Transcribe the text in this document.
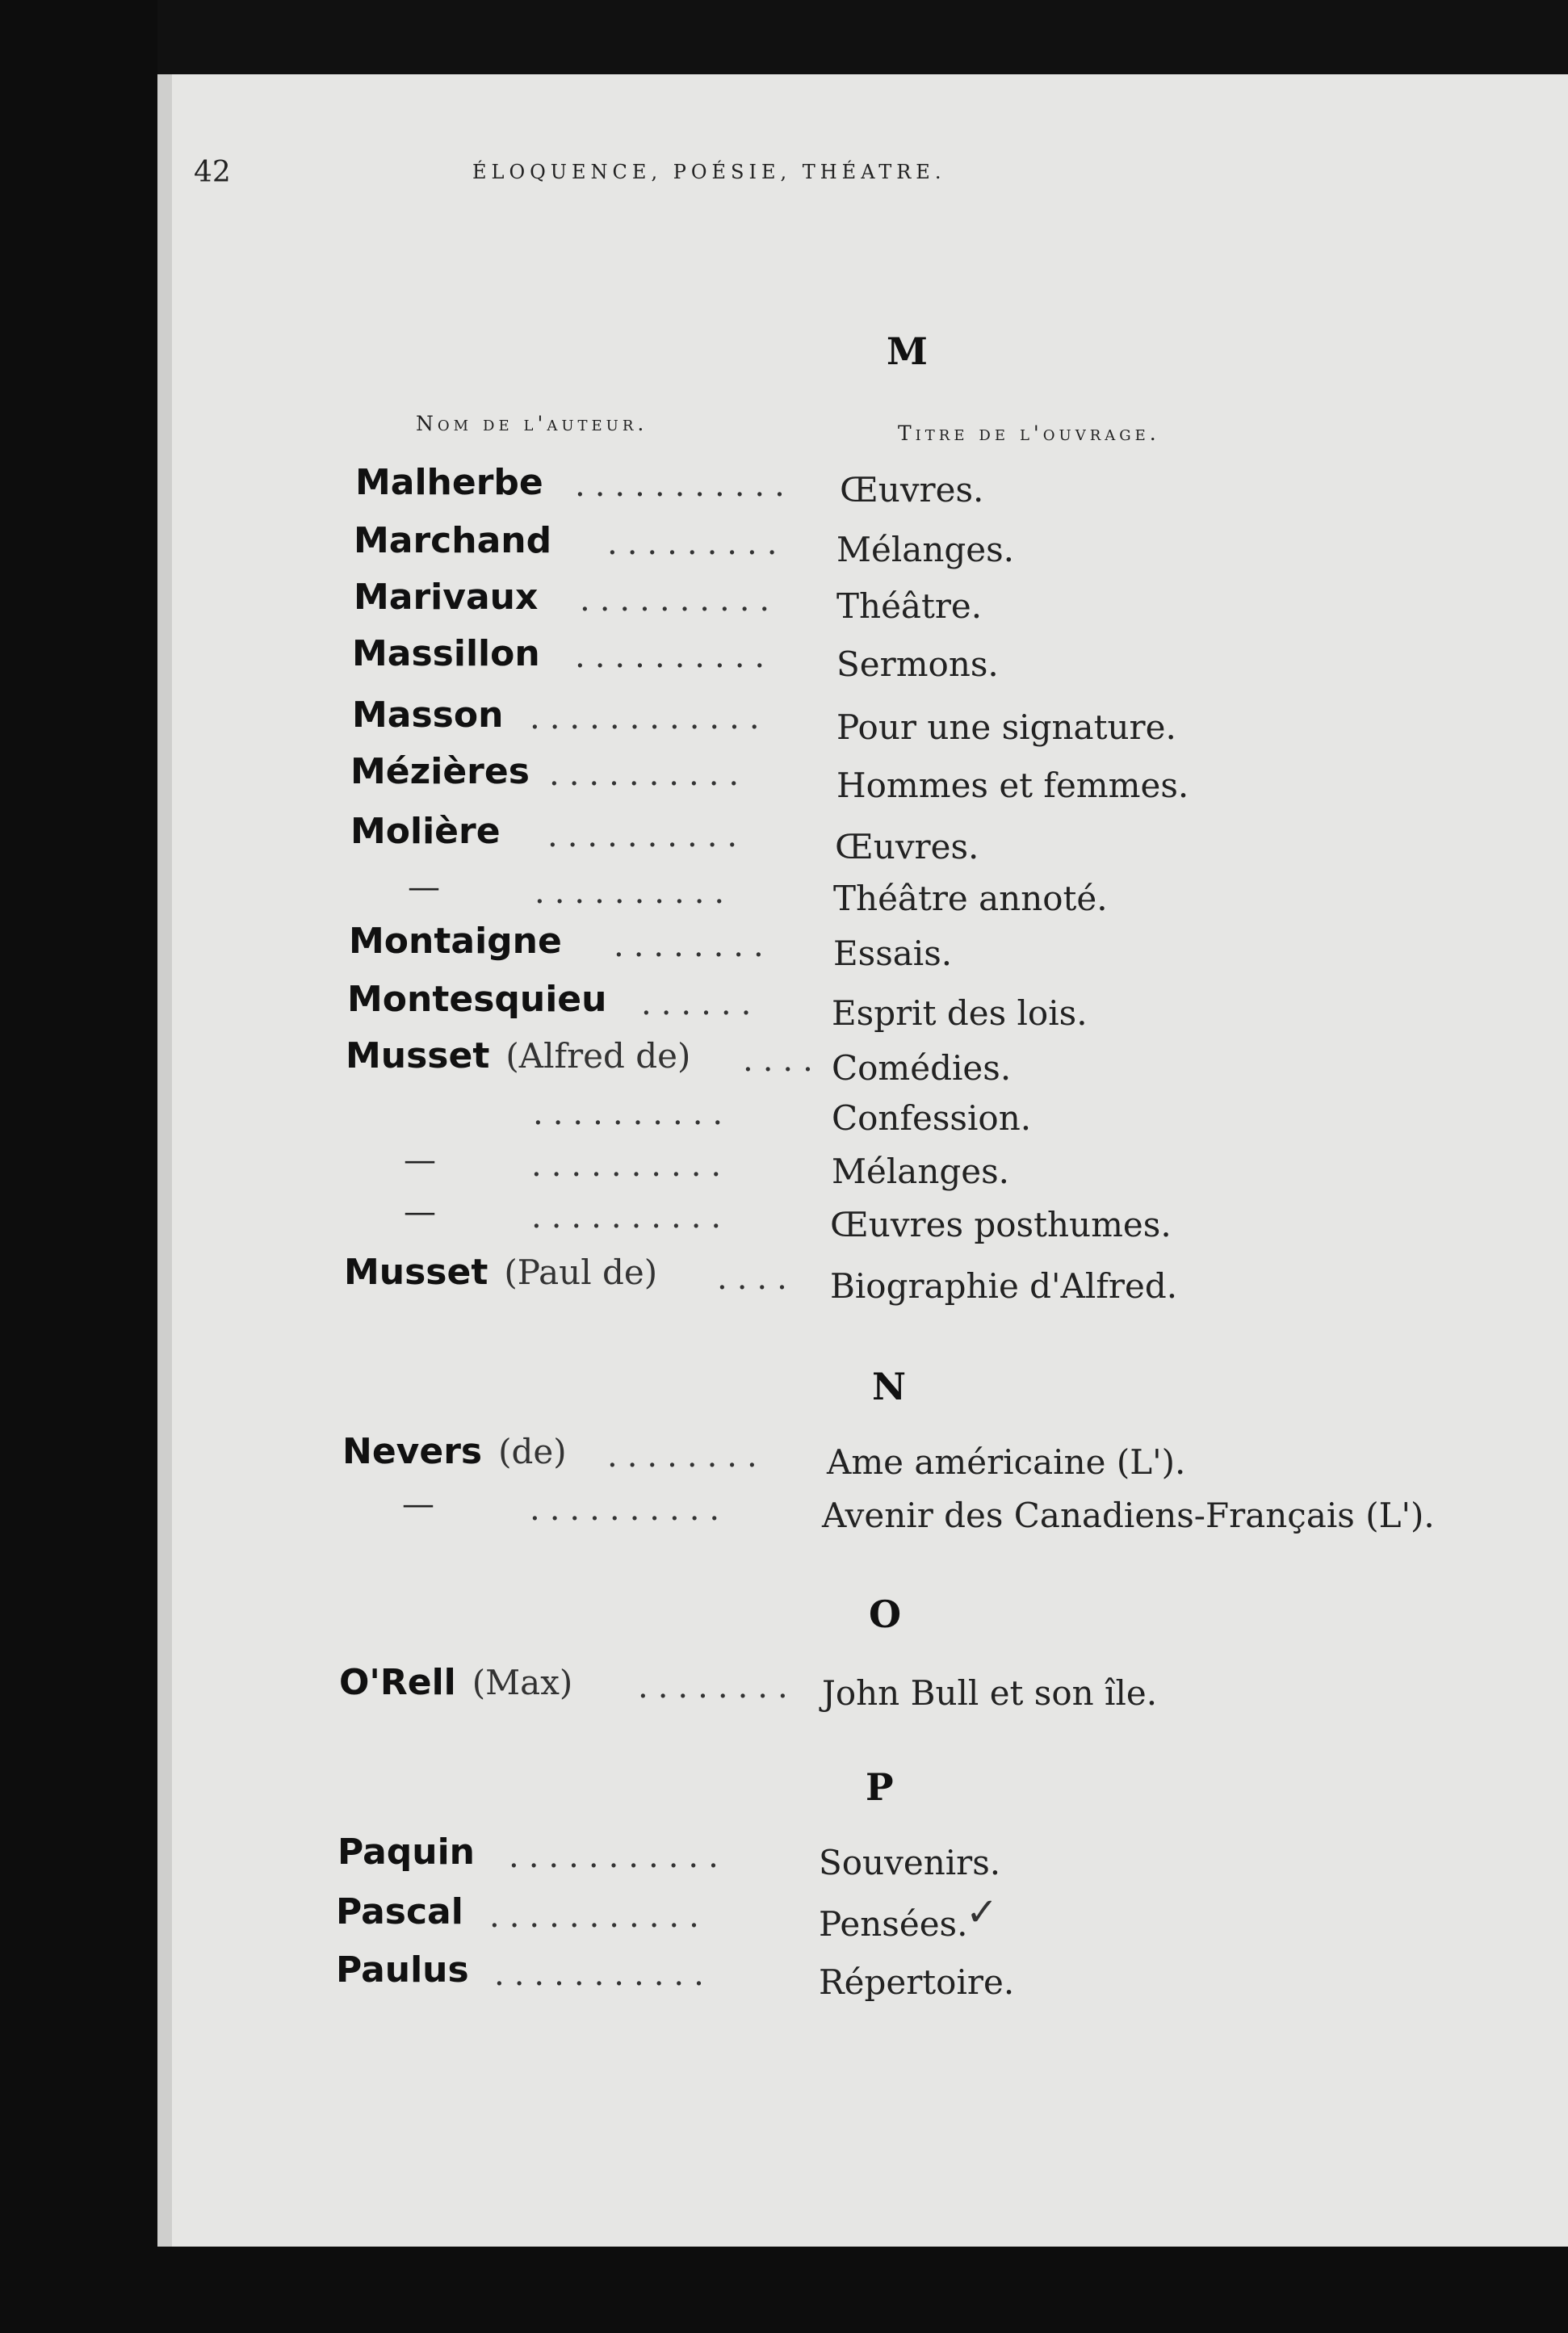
42	ÉLOQUENCE, POÉSIE, THÉATRE.
M
Nom de l'auteur.	Titre de l'ouvrage.
Malherbe ........... Œuvres.
Marchand ......... Mélanges.
Marivaux .......... Théâtre.
Massillon .......... Sermons.
Masson ............ Pour une signature.
Mézières ..........	Hommes et femmes.
Molière ..........	Œuvres.
—	..........	Théâtre annoté.
Montaigne ........ Essais.
Montesquieu ...... Esprit des lois.
Musset (Alfred de) .... Comédies.
..........	Confession.
—	..........	Mélanges.
—	..........	Œuvres posthumes.
Musset (Paul de) .... Biographie d'Alfred.
N
Nevers (de) ........ Ame américaine (L').
—	..........	Avenir des Canadiens-Français (L').
O
O'Rell (Max) ........ John Bull et son île.
P
Paquin ...........	Souvenirs.
Pascal ...........	Pensées.
✓
Paulus ...........	Répertoire.
